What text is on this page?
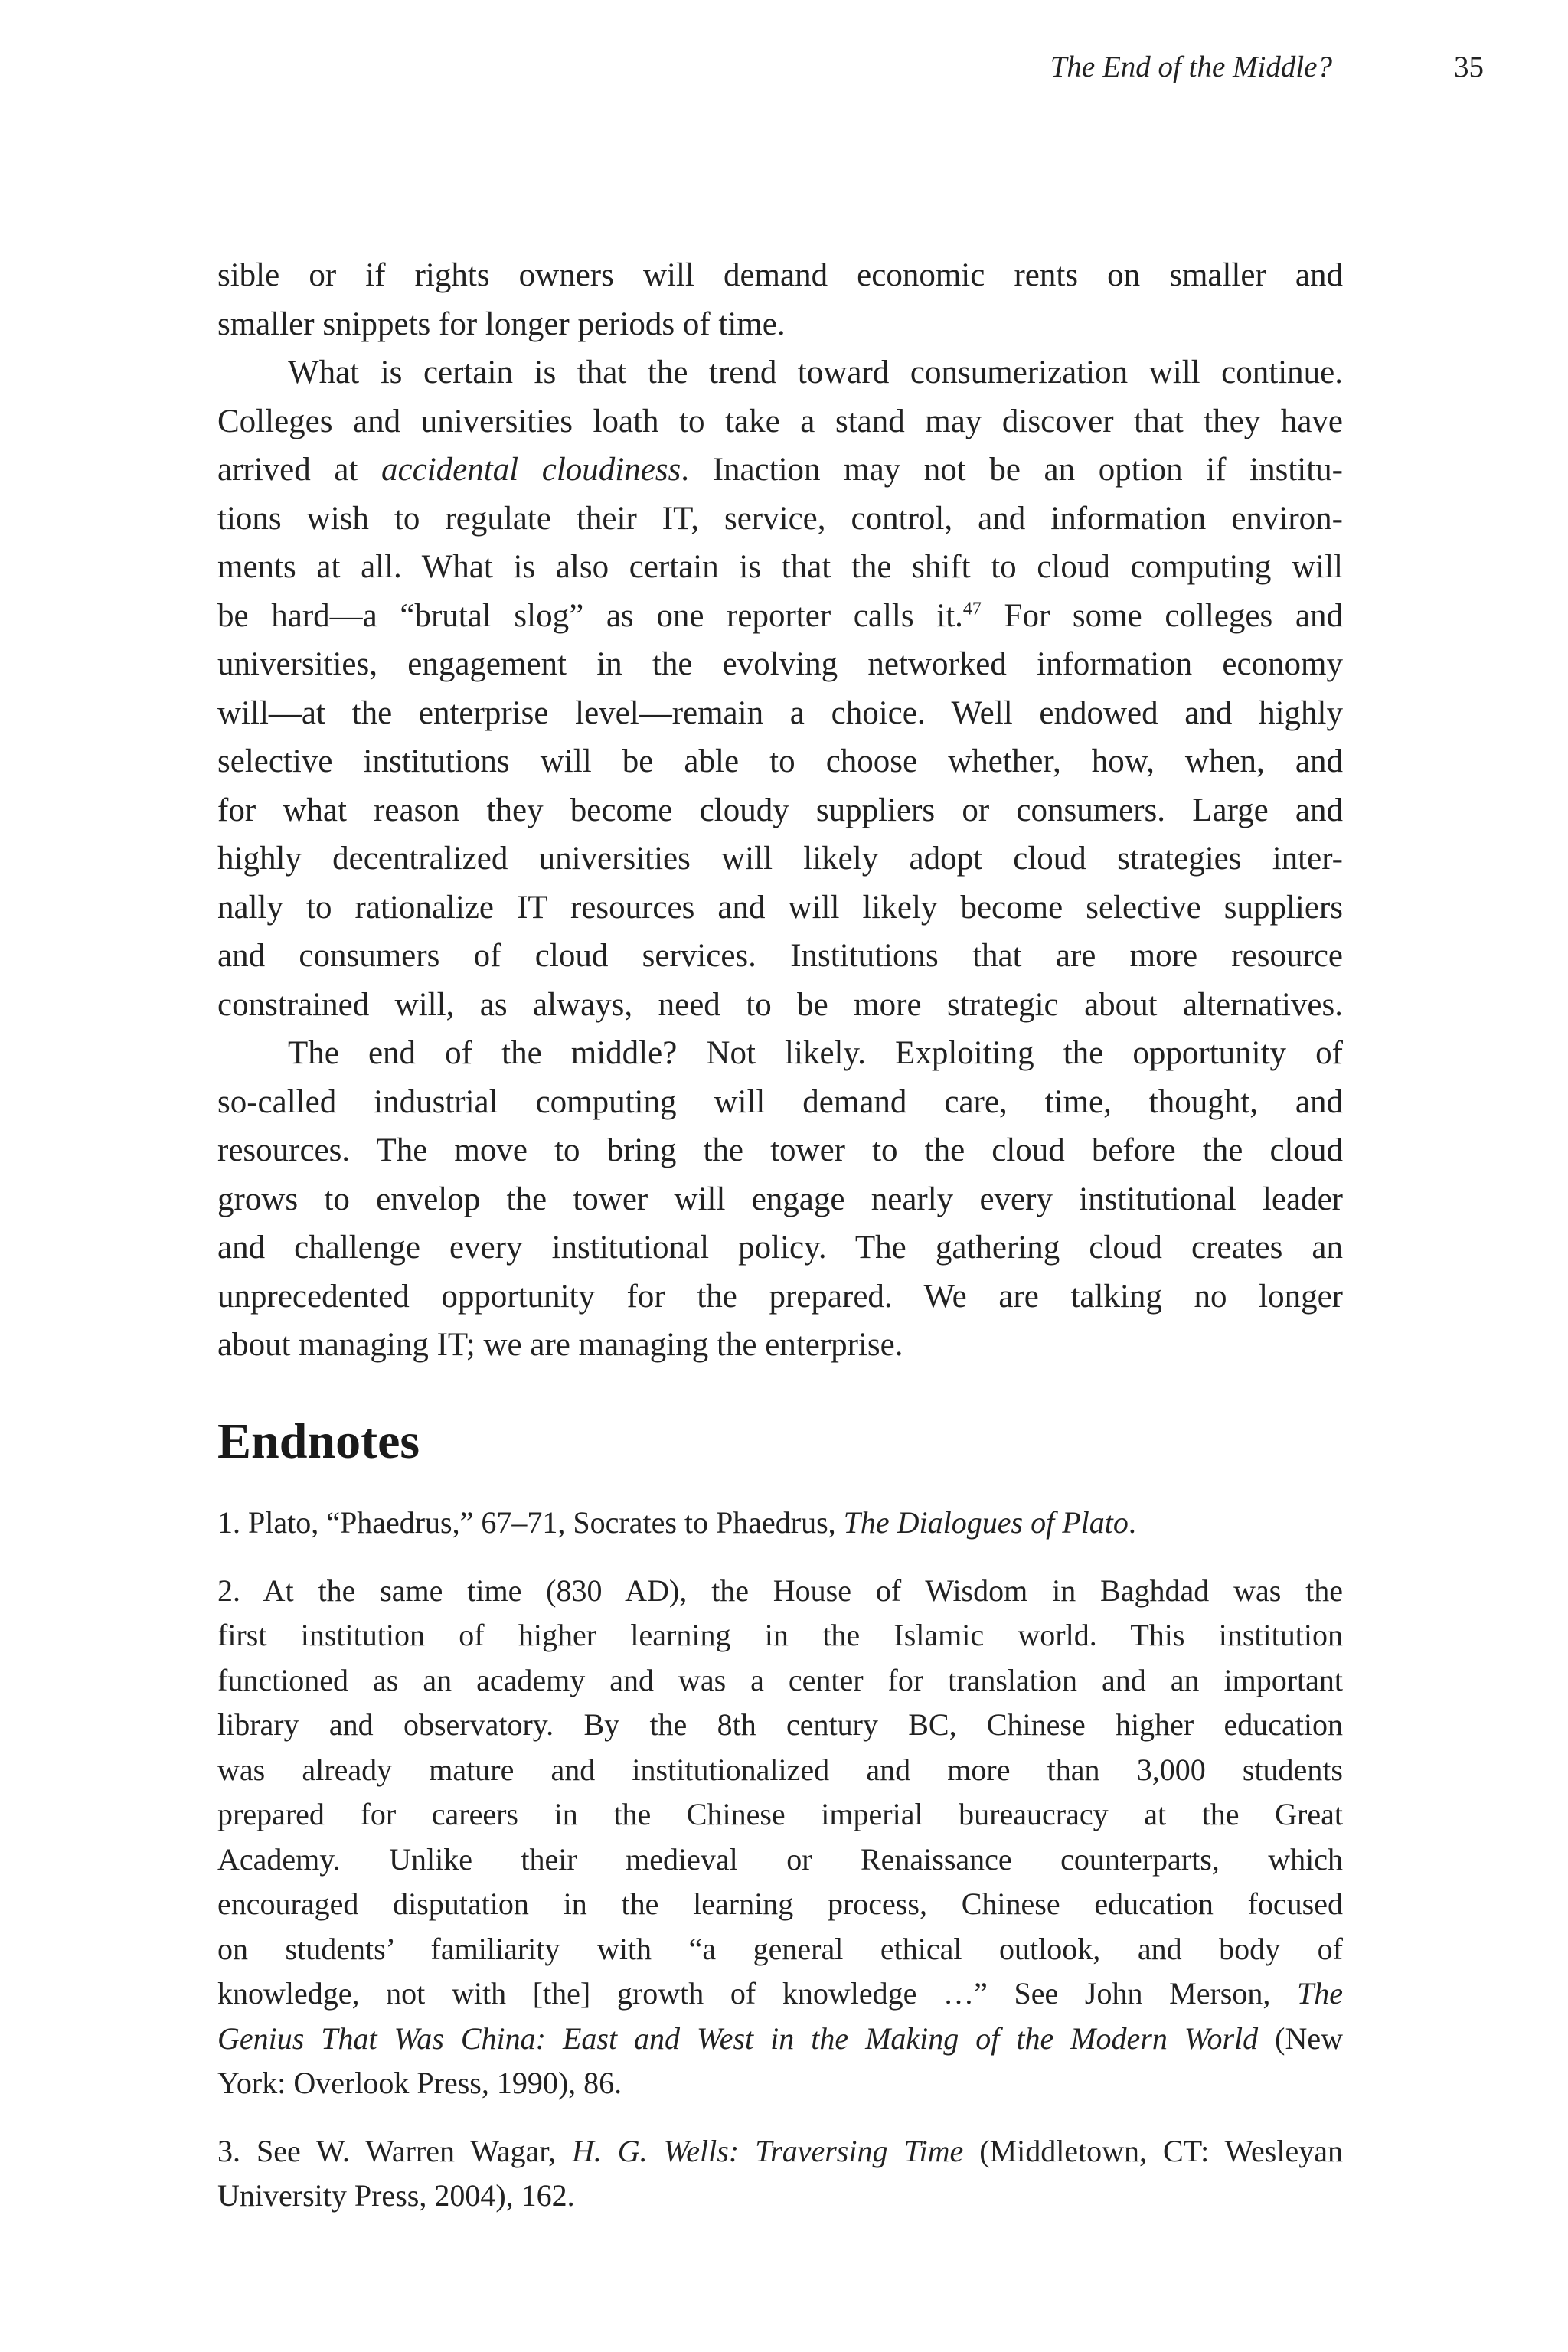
The End of the Middle?	35
sible or if rights owners will demand economic rents on smaller and
smaller snippets for longer periods of time.
What is certain is that the trend toward consumerization will continue.
Colleges and universities loath to take a stand may discover that they have
arrived at accidental cloudiness. Inaction may not be an option if institu-
tions wish to regulate their IT, service, control, and information environ-
ments at all. What is also certain is that the shift to cloud computing will
be hard—a “brutal slog” as one reporter calls it.$^{47}$ For some colleges and
universities, engagement in the evolving networked information economy
will—at the enterprise level—remain a choice. Well endowed and highly
selective institutions will be able to choose whether, how, when, and
for what reason they become cloudy suppliers or consumers. Large and
highly decentralized universities will likely adopt cloud strategies inter-
nally to rationalize IT resources and will likely become selective suppliers
and consumers of cloud services. Institutions that are more resource
constrained will, as always, need to be more strategic about alternatives.
The end of the middle? Not likely. Exploiting the opportunity of
so-called industrial computing will demand care, time, thought, and
resources. The move to bring the tower to the cloud before the cloud
grows to envelop the tower will engage nearly every institutional leader
and challenge every institutional policy. The gathering cloud creates an
unprecedented opportunity for the prepared. We are talking no longer
about managing IT; we are managing the enterprise.
Endnotes
1. Plato, “Phaedrus,” 67–71, Socrates to Phaedrus, The Dialogues of Plato.
2. At the same time (830 AD), the House of Wisdom in Baghdad was the
first institution of higher learning in the Islamic world. This institution
functioned as an academy and was a center for translation and an important
library and observatory. By the 8th century BC, Chinese higher education
was already mature and institutionalized and more than 3,000 students
prepared for careers in the Chinese imperial bureaucracy at the Great
Academy. Unlike their medieval or Renaissance counterparts, which
encouraged disputation in the learning process, Chinese education focused
on students’ familiarity with “a general ethical outlook, and body of
knowledge, not with [the] growth of knowledge …” See John Merson, The
Genius That Was China: East and West in the Making of the Modern World (New
York: Overlook Press, 1990), 86.
3. See W. Warren Wagar, H. G. Wells: Traversing Time (Middletown, CT: Wesleyan
University Press, 2004), 162.
